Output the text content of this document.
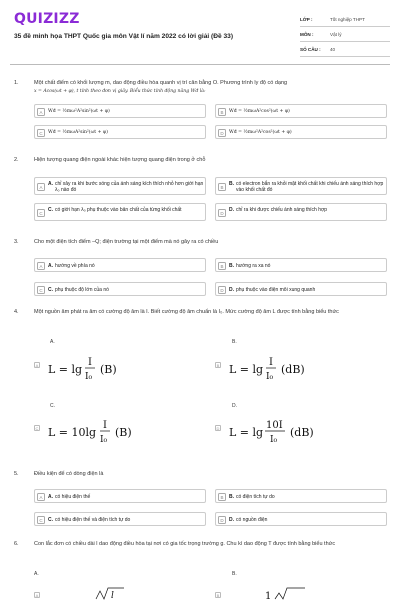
QUIZIZZ
35 đề minh họa THPT Quốc gia môn Vật lí năm 2022 có lời giải (Đề 33)
LỚP :	Tốt nghiệp THPT
MÔN :	Vật lý
SỐ CÂU :	40
1.	Một chất điểm có khối lượng m, dao động điều hòa quanh vị trí cân bằng O. Phương trình ly độ có dạng
x = Acos(ωt + φ), t tính theo đơn vị giây. Biểu thức tính động năng Wđ là:
A	Wđ = ½mω²A²sin²(ωt + φ)	B	Wđ = ½mωA²cos²(ωt + φ)
C	Wđ = ½mωA²sin²(ωt + φ)	D	Wđ = ½mω²A²cos²(ωt + φ)
2.	Hiện tượng quang điện ngoài khác hiện tượng quang điện trong ở chỗ
A	A. chỉ xảy ra khi bước sóng của ánh sáng kích thích nhỏ hơn giới hạn λ₀ nào đó	B	B. có electron bắn ra khỏi mặt khối chất khi chiếu ánh sáng thích hợp vào khối chất đó
C	C. có giới hạn λ₀ phụ thuộc vào bản chất của từng khối chất
D	D. chỉ ra khi được chiếu ánh sáng thích hợp
3.	Cho một điện tích điểm –Q; điện trường tại một điểm mà nó gây ra có chiều
A	A. hướng về phía nó	B	B. hướng ra xa nó
C	C. phụ thuộc độ lớn của nó	D	D. phụ thuộc vào điện môi xung quanh
4.	Một nguồn âm phát ra âm có cường độ âm là I. Biết cường độ âm chuẩn là I₀. Mức cường độ âm L được tính bằng biểu thức
A.
A L = lg
I
I₀
(B)
B.
B L = lg
I
I₀
(dB)
C.
C L = 10lg
I
I₀
(B)
D.
D L = lg
10I
I₀
(dB)
5.	Điều kiện để có dòng điện là
A	A. có hiệu điện thế	B	B. có điện tích tự do
C	C. có hiệu điện thế và điện tích tự do	D	D. có nguồn điện
6.	Con lắc đơn có chiều dài l dao động điều hòa tại nơi có gia tốc trọng trường g. Chu kì dao động T được tính bằng biểu thức
A.	B.
A	l	B	1
